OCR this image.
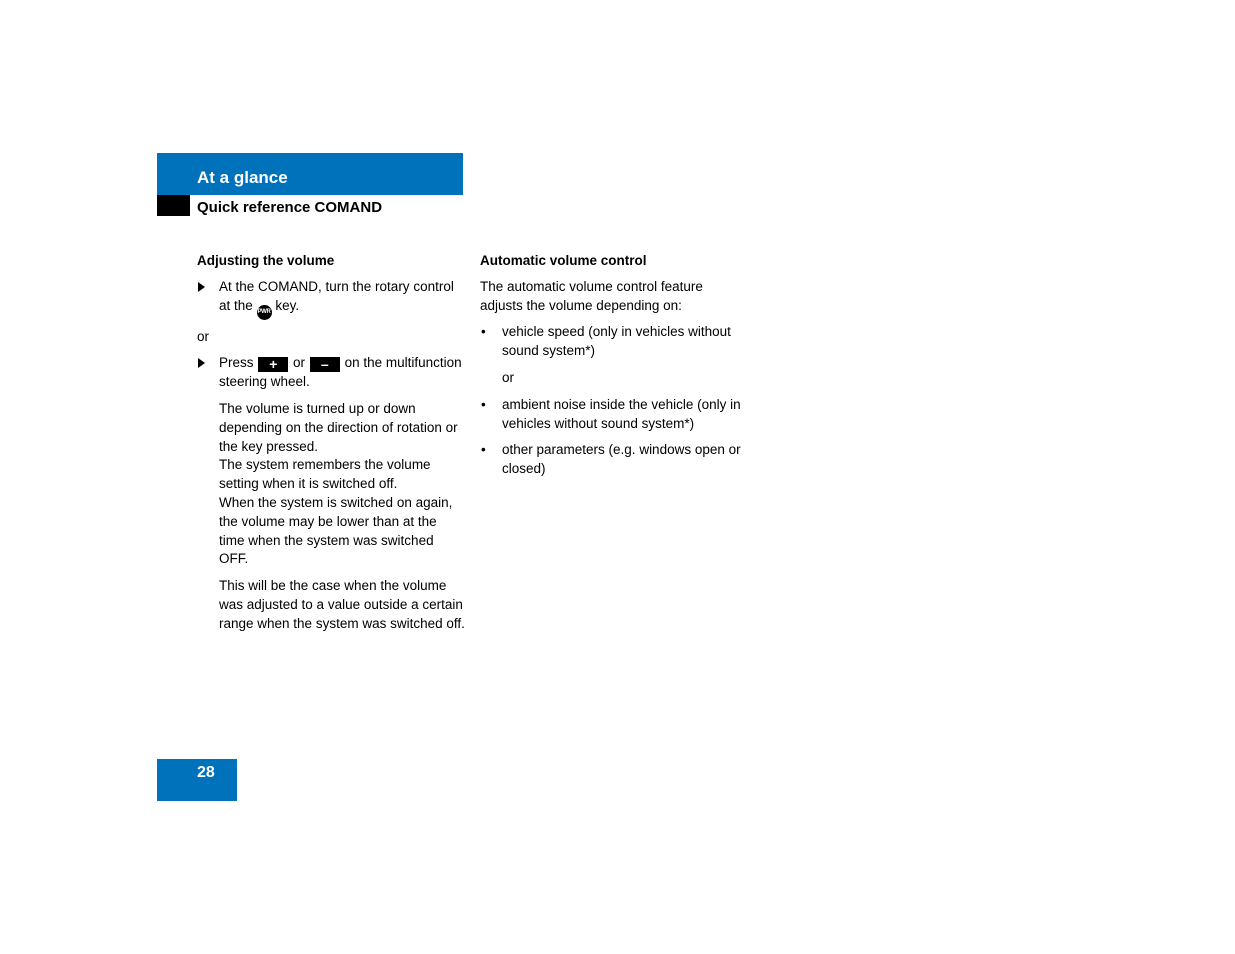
At a glance
Quick reference COMAND
Adjusting the volume
At the COMAND, turn the rotary control at the PWR key.
or
Press + or – on the multifunction steering wheel.
The volume is turned up or down depending on the direction of rotation or the key pressed.
The system remembers the volume setting when it is switched off.
When the system is switched on again, the volume may be lower than at the time when the system was switched OFF.
This will be the case when the volume was adjusted to a value outside a certain range when the system was switched off.
Automatic volume control
The automatic volume control feature adjusts the volume depending on:
• vehicle speed (only in vehicles without sound system*)
or
• ambient noise inside the vehicle (only in vehicles without sound system*)
• other parameters (e.g. windows open or closed)
28
